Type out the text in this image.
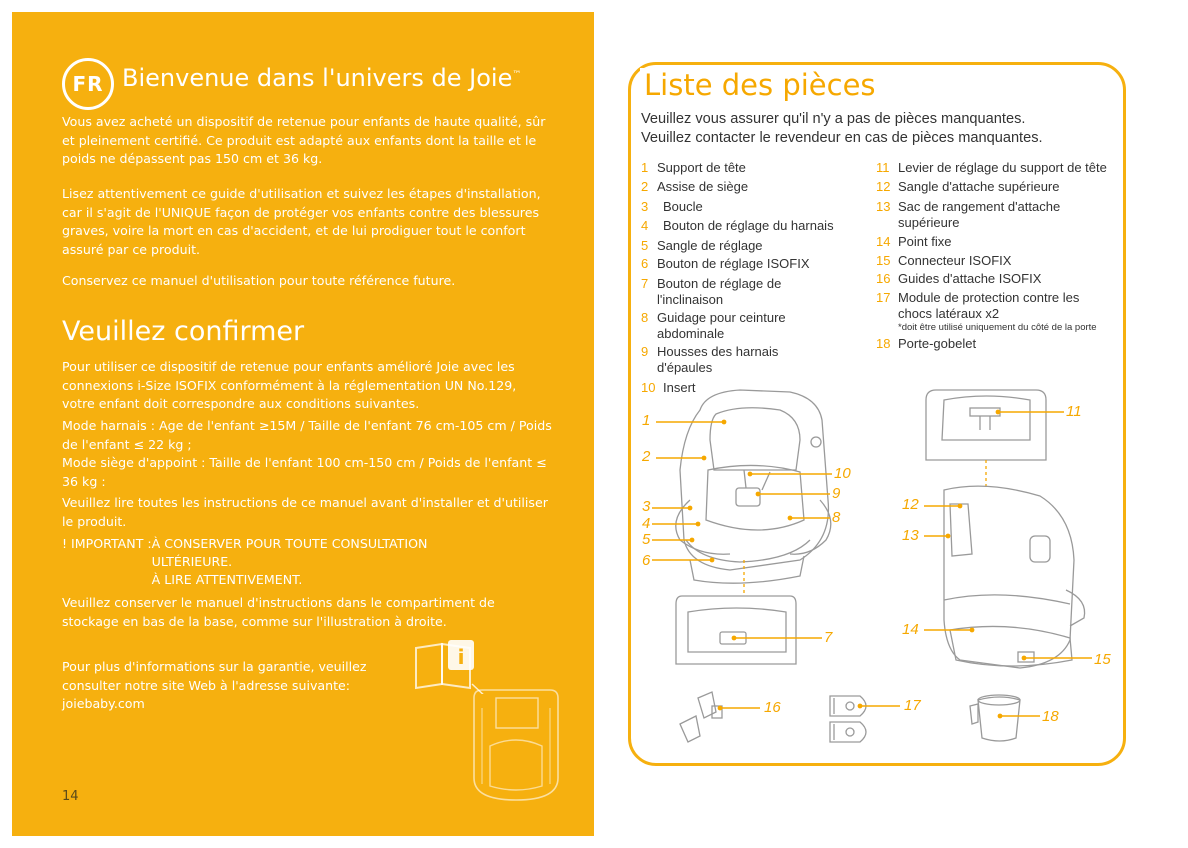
FR Bienvenue dans l'univers de Joie™

Vous avez acheté un dispositif de retenue pour enfants de haute qualité, sûr et pleinement certifié. Ce produit est adapté aux enfants dont la taille et le poids ne dépassent pas 150 cm et 36 kg.

Lisez attentivement ce guide d'utilisation et suivez les étapes d'installation, car il s'agit de l'UNIQUE façon de protéger vos enfants contre des blessures graves, voire la mort en cas d'accident, et de lui prodiguer tout le confort assuré par ce produit.

Conservez ce manuel d'utilisation pour toute référence future.

Veuillez confirmer

Pour utiliser ce dispositif de retenue pour enfants amélioré Joie avec les connexions i-Size ISOFIX conformément à la réglementation UN No.129, votre enfant doit correspondre aux conditions suivantes.

Mode harnais : Age de l'enfant ≥15M / Taille de l'enfant 76 cm-105 cm / Poids de l'enfant ≤ 22 kg ;

Mode siège d'appoint : Taille de l'enfant 100 cm-150 cm / Poids de l'enfant ≤ 36 kg :

Veuillez lire toutes les instructions de ce manuel avant d'installer et d'utiliser le produit.

! IMPORTANT : À CONSERVER POUR TOUTE CONSULTATION
ULTÉRIEURE.
À LIRE ATTENTIVEMENT.

Veuillez conserver le manuel d'instructions dans le compartiment de stockage en bas de la base, comme sur l'illustration à droite.

Pour plus d'informations sur la garantie, veuillez consulter notre site Web à l'adresse suivante: joiebaby.com

i
14
Liste des pièces
Veuillez vous assurer qu'il n'y a pas de pièces manquantes.
Veuillez contacter le revendeur en cas de pièces manquantes.
1 Support de tête
2 Assise de siège
3	Boucle
4	Bouton de réglage du harnais
5 Sangle de réglage
6 Bouton de réglage ISOFIX
7 Bouton de réglage de l'inclinaison
8 Guidage pour ceinture abdominale
9 Housses des harnais d'épaules
10 Insert
11 Levier de réglage du support de tête
12 Sangle d'attache supérieure
13 Sac de rangement d'attache supérieure
14 Point fixe
15 Connecteur ISOFIX
16 Guides d'attache ISOFIX
17 Module de protection contre les chocs latéraux x2
*doit être utilisé uniquement du côté de la porte
18 Porte-gobelet
1
2
3
4
5
6
7
8
9
10
11
12
13
14
15
16	17
18
